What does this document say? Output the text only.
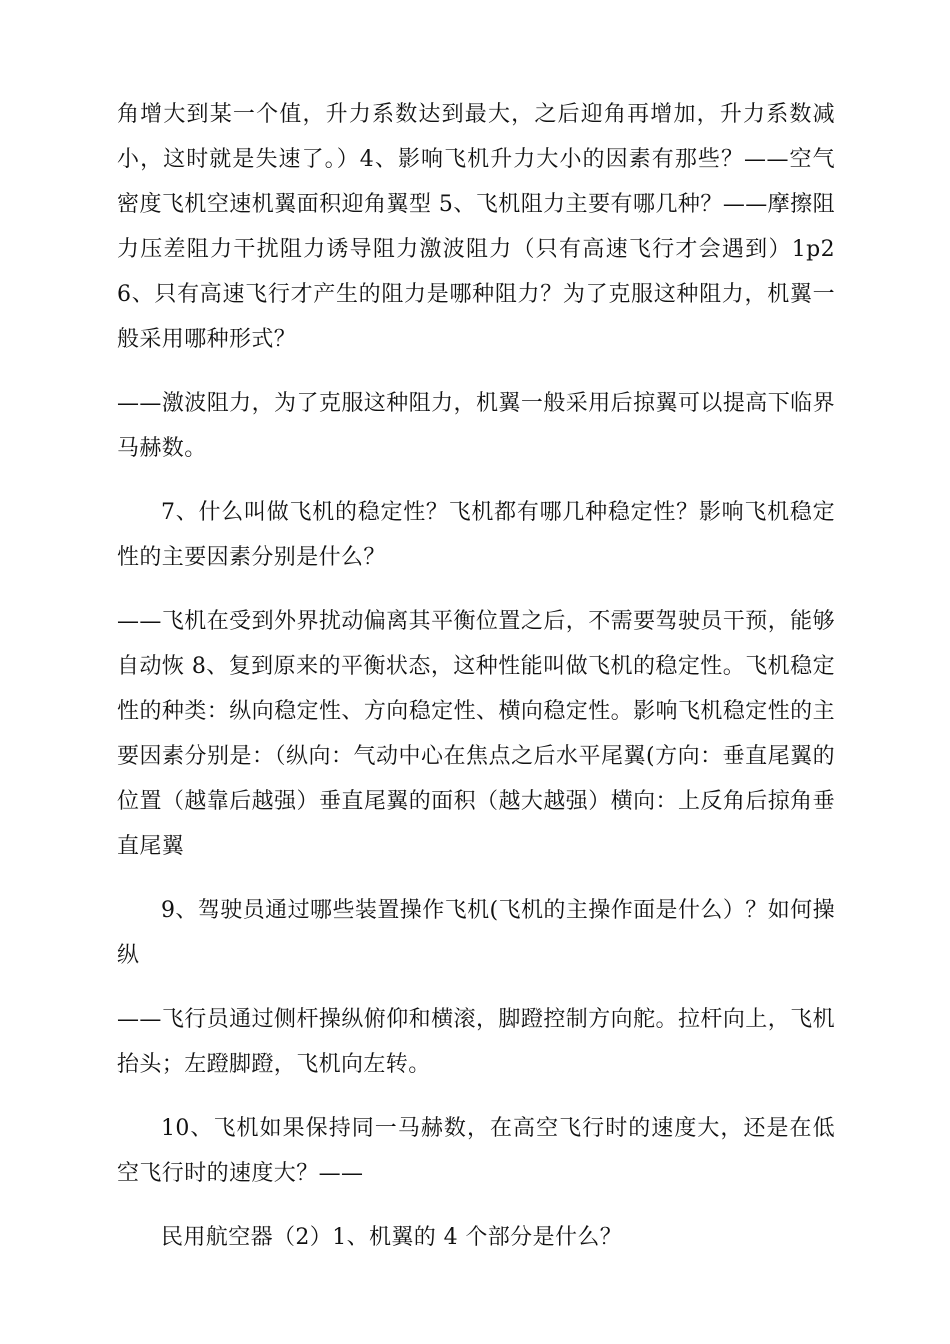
角增大到某一个值，升力系数达到最大，之后迎角再增加，升力系数减小，这时就是失速了。）4、影响飞机升力大小的因素有那些？——空气密度飞机空速机翼面积迎角翼型 5、飞机阻力主要有哪几种？——摩擦阻力压差阻力干扰阻力诱导阻力激波阻力（只有高速飞行才会遇到）1p26、只有高速飞行才产生的阻力是哪种阻力？为了克服这种阻力，机翼一般采用哪种形式？

——激波阻力，为了克服这种阻力，机翼一般采用后掠翼可以提高下临界马赫数。

7、什么叫做飞机的稳定性？飞机都有哪几种稳定性？影响飞机稳定性的主要因素分别是什么？

——飞机在受到外界扰动偏离其平衡位置之后，不需要驾驶员干预，能够自动恢 8、复到原来的平衡状态，这种性能叫做飞机的稳定性。飞机稳定性的种类：纵向稳定性、方向稳定性、横向稳定性。影响飞机稳定性的主要因素分别是：（纵向：气动中心在焦点之后水平尾翼(方向：垂直尾翼的位置（越靠后越强）垂直尾翼的面积（越大越强）横向：上反角后掠角垂直尾翼

9、驾驶员通过哪些装置操作飞机(飞机的主操作面是什么）？如何操纵

——飞行员通过侧杆操纵俯仰和横滚，脚蹬控制方向舵。拉杆向上，飞机抬头；左蹬脚蹬，飞机向左转。

10、飞机如果保持同一马赫数，在高空飞行时的速度大，还是在低空飞行时的速度大？——

民用航空器（2）1、机翼的 4 个部分是什么？
